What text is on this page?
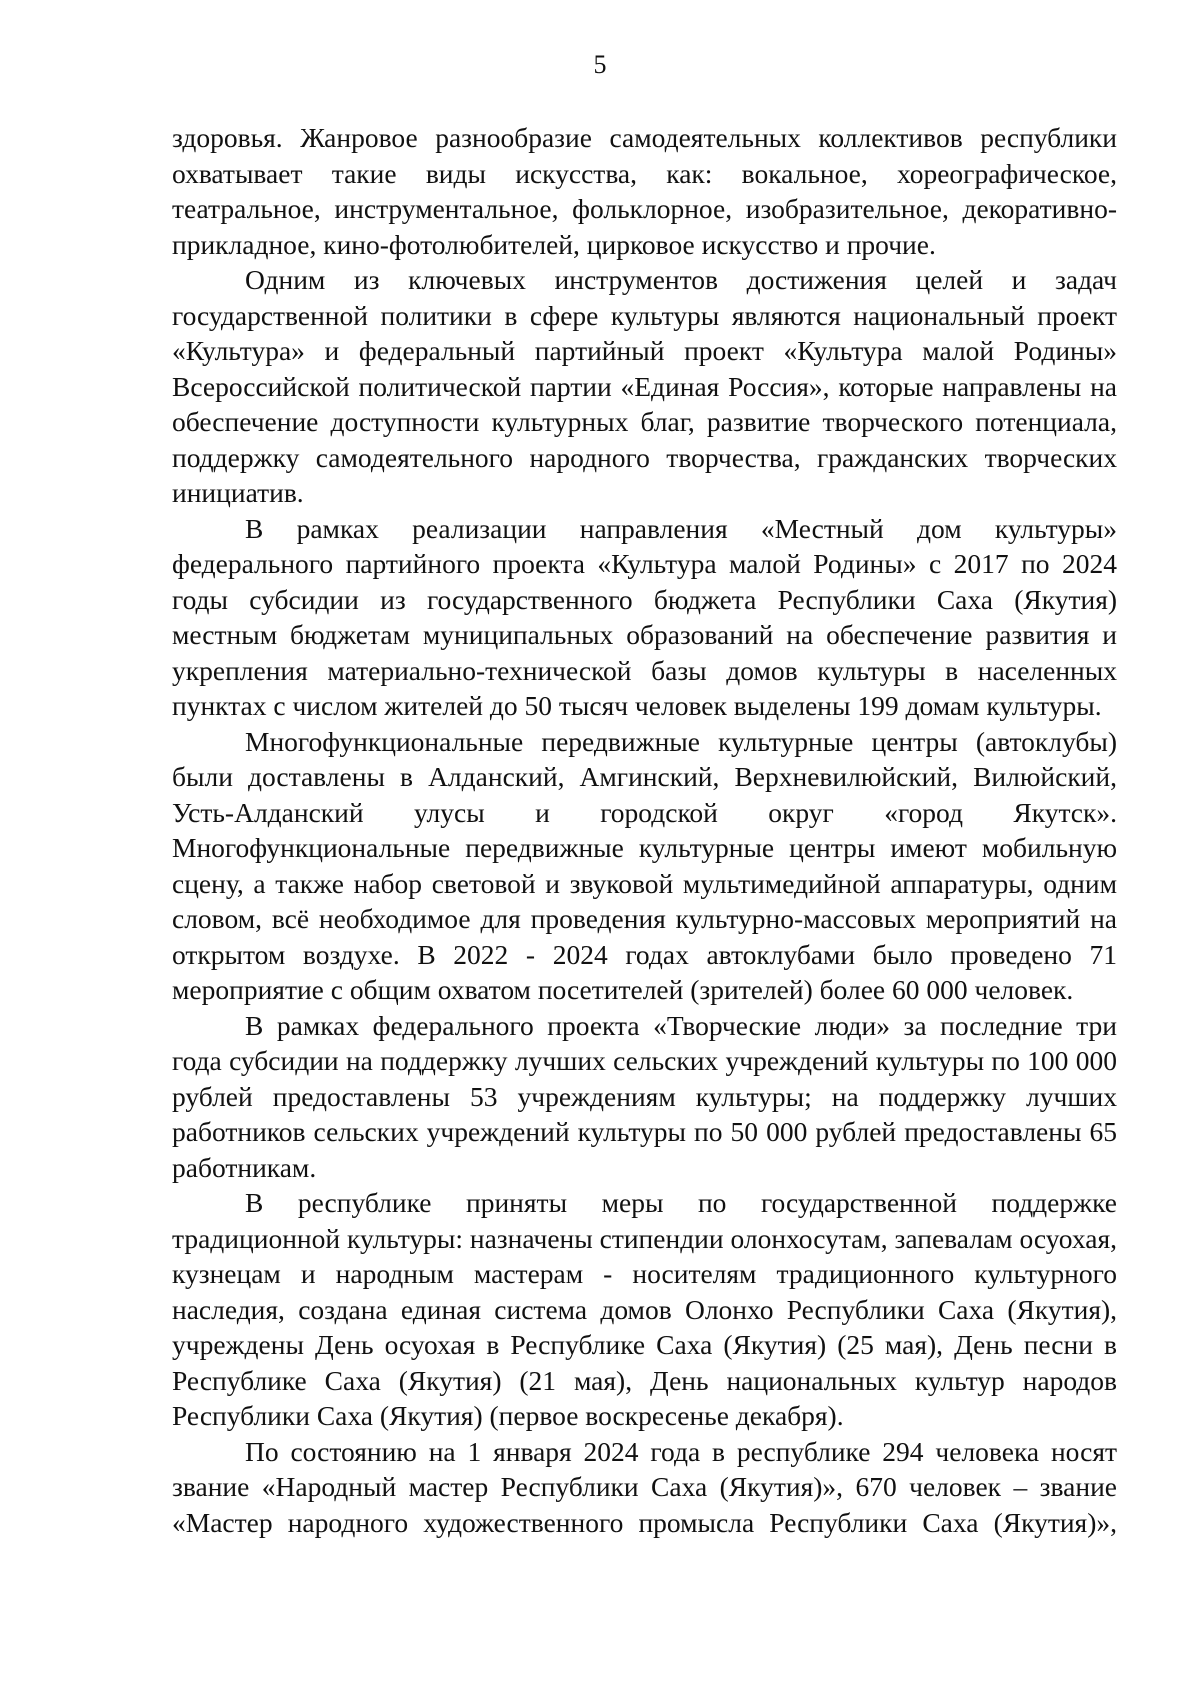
5

здоровья. Жанровое разнообразие самодеятельных коллективов республики охватывает такие виды искусства, как: вокальное, хореографическое, театральное, инструментальное, фольклорное, изобразительное, декоративно-прикладное, кино-фотолюбителей, цирковое искусство и прочие.

Одним из ключевых инструментов достижения целей и задач государственной политики в сфере культуры являются национальный проект «Культура» и федеральный партийный проект «Культура малой Родины» Всероссийской политической партии «Единая Россия», которые направлены на обеспечение доступности культурных благ, развитие творческого потенциала, поддержку самодеятельного народного творчества, гражданских творческих инициатив.

В рамках реализации направления «Местный дом культуры» федерального партийного проекта «Культура малой Родины» с 2017 по 2024 годы субсидии из государственного бюджета Республики Саха (Якутия) местным бюджетам муниципальных образований на обеспечение развития и укрепления материально-технической базы домов культуры в населенных пунктах с числом жителей до 50 тысяч человек выделены 199 домам культуры.

Многофункциональные передвижные культурные центры (автоклубы) были доставлены в Алданский, Амгинский, Верхневилюйский, Вилюйский, Усть-Алданский улусы и городской округ «город Якутск». Многофункциональные передвижные культурные центры имеют мобильную сцену, а также набор световой и звуковой мультимедийной аппаратуры, одним словом, всё необходимое для проведения культурно-массовых мероприятий на открытом воздухе. В 2022 - 2024 годах автоклубами было проведено 71 мероприятие с общим охватом посетителей (зрителей) более 60 000 человек.

В рамках федерального проекта «Творческие люди» за последние три года субсидии на поддержку лучших сельских учреждений культуры по 100 000 рублей предоставлены 53 учреждениям культуры; на поддержку лучших работников сельских учреждений культуры по 50 000 рублей предоставлены 65 работникам.

В республике приняты меры по государственной поддержке традиционной культуры: назначены стипендии олонхосутам, запевалам осуохая, кузнецам и народным мастерам - носителям традиционного культурного наследия, создана единая система домов Олонхо Республики Саха (Якутия), учреждены День осуохая в Республике Саха (Якутия) (25 мая), День песни в Республике Саха (Якутия) (21 мая), День национальных культур народов Республики Саха (Якутия) (первое воскресенье декабря).

По состоянию на 1 января 2024 года в республике 294 человека носят звание «Народный мастер Республики Саха (Якутия)», 670 человек – звание «Мастер народного художественного промысла Республики Саха (Якутия)»,
